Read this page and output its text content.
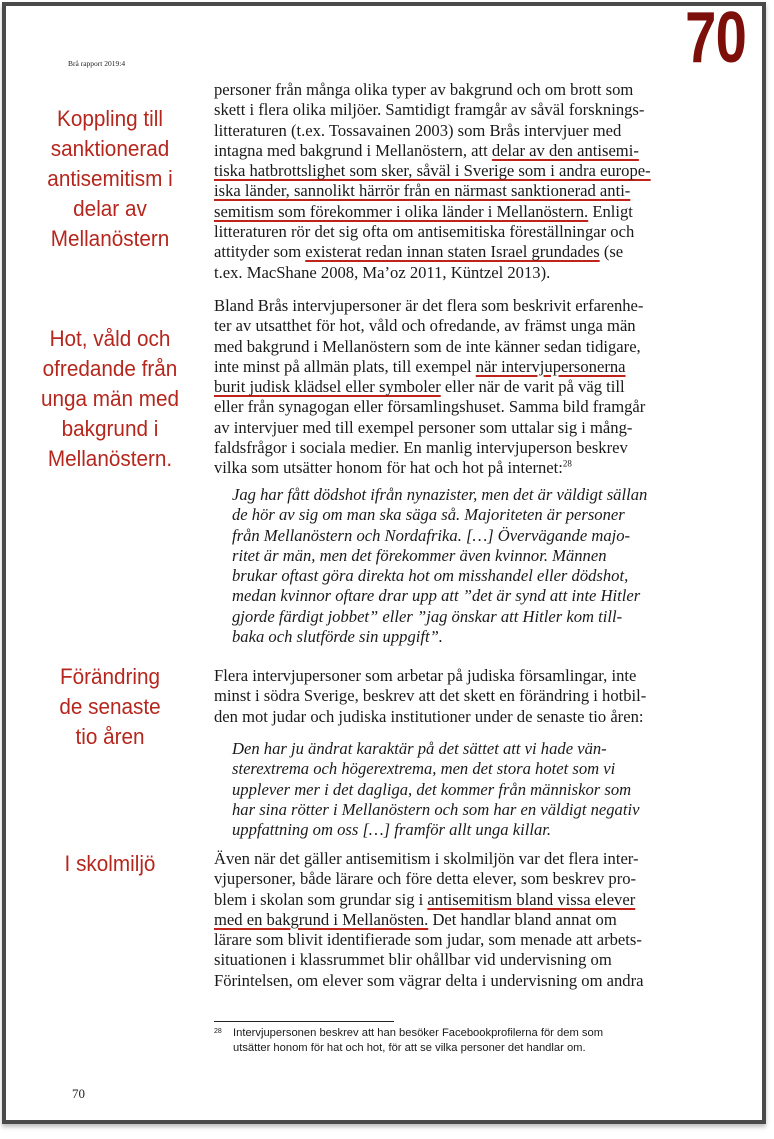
70
Brå rapport 2019:4
Koppling till
sanktionerad
antisemitism i
delar av
Mellanöstern
Hot, våld och
ofredande från
unga män med
bakgrund i
Mellanöstern.
Förändring
de senaste
tio åren
I skolmiljö
personer från många olika typer av bakgrund och om brott som
skett i flera olika miljöer. Samtidigt framgår av såväl forsknings-
litteraturen (t.ex. Tossavainen 2003) som Brås intervjuer med
intagna med bakgrund i Mellanöstern, att delar av den antisemi-
tiska hatbrottslighet som sker, såväl i Sverige som i andra europe-
iska länder, sannolikt härrör från en närmast sanktionerad anti-
semitism som förekommer i olika länder i Mellanöstern. Enligt
litteraturen rör det sig ofta om antisemitiska föreställningar och
attityder som existerat redan innan staten Israel grundades (se
t.ex. MacShane 2008, Ma’oz 2011, Küntzel 2013).
Bland Brås intervjupersoner är det flera som beskrivit erfarenhe-
ter av utsatthet för hot, våld och ofredande, av främst unga män
med bakgrund i Mellanöstern som de inte känner sedan tidigare,
inte minst på allmän plats, till exempel när intervjupersonerna
burit judisk klädsel eller symboler eller när de varit på väg till
eller från synagogan eller församlingshuset. Samma bild framgår
av intervjuer med till exempel personer som uttalar sig i mång-
faldsfrågor i sociala medier. En manlig intervjuperson beskrev
vilka som utsätter honom för hat och hot på internet:$^{28}$
Jag har fått dödshot ifrån nynazister, men det är väldigt sällan
de hör av sig om man ska säga så. Majoriteten är personer
från Mellanöstern och Nordafrika. […] Övervägande majo-
ritet är män, men det förekommer även kvinnor. Männen
brukar oftast göra direkta hot om misshandel eller dödshot,
medan kvinnor oftare drar upp att ”det är synd att inte Hitler
gjorde färdigt jobbet” eller ”jag önskar att Hitler kom till-
baka och slutförde sin uppgift”.
Flera intervjupersoner som arbetar på judiska församlingar, inte
minst i södra Sverige, beskrev att det skett en förändring i hotbil-
den mot judar och judiska institutioner under de senaste tio åren:
Den har ju ändrat karaktär på det sättet att vi hade vän-
sterextrema och högerextrema, men det stora hotet som vi
upplever mer i det dagliga, det kommer från människor som
har sina rötter i Mellanöstern och som har en väldigt negativ
uppfattning om oss […] framför allt unga killar.
Även när det gäller antisemitism i skolmiljön var det flera inter-
vjupersoner, både lärare och före detta elever, som beskrev pro-
blem i skolan som grundar sig i antisemitism bland vissa elever
med en bakgrund i Mellanösten. Det handlar bland annat om
lärare som blivit identifierade som judar, som menade att arbets-
situationen i klassrummet blir ohållbar vid undervisning om
Förintelsen, om elever som vägrar delta i undervisning om andra
28 Intervjupersonen beskrev att han besöker Facebookprofilerna för dem som
utsätter honom för hat och hot, för att se vilka personer det handlar om.
70
